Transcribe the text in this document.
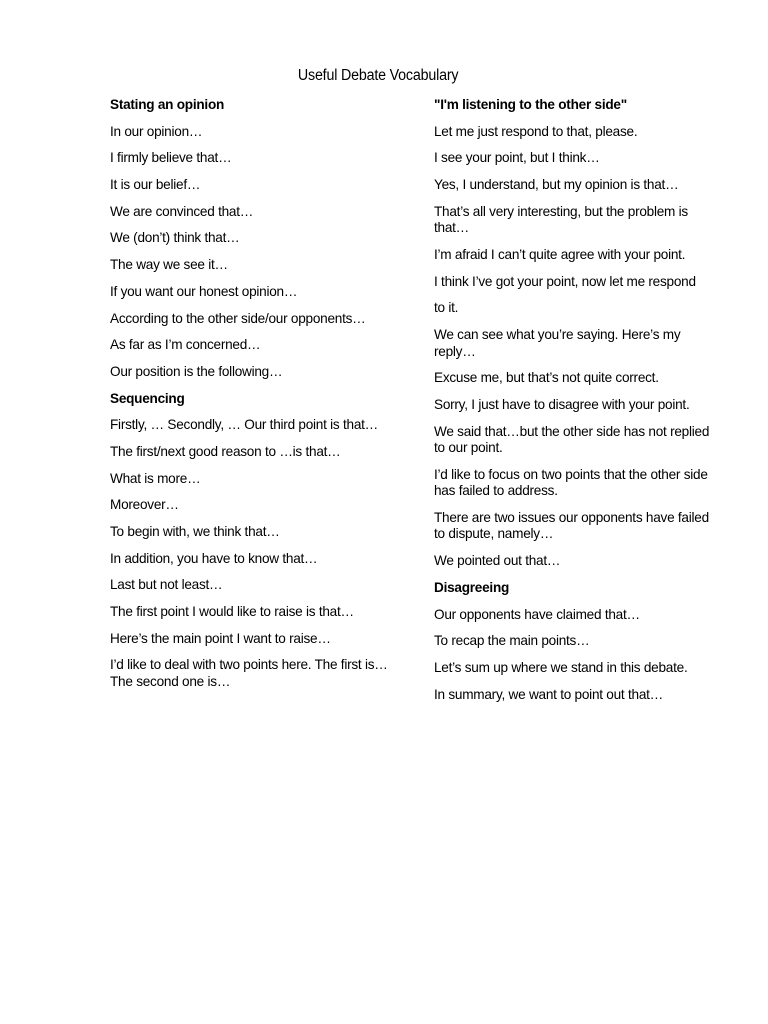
Useful Debate Vocabulary
Stating an opinion
In our opinion…
I firmly believe that…
It is our belief…
We are convinced that…
We (don’t) think that…
The way we see it…
If you want our honest opinion…
According to the other side/our opponents…
As far as I’m concerned…
Our position is the following…
Sequencing
Firstly, … Secondly, … Our third point is that…
The first/next good reason to …is that…
What is more…
Moreover…
To begin with, we think that…
In addition, you have to know that…
Last but not least…
The first point I would like to raise is that…
Here’s the main point I want to raise…
I’d like to deal with two points here. The first is… The second one is…
"I'm listening to the other side"
Let me just respond to that, please.
I see your point, but I think…
Yes, I understand, but my opinion is that…
That’s all very interesting, but the problem is that…
I’m afraid I can’t quite agree with your point.
I think I’ve got your point, now let me respond
to it.
We can see what you’re saying. Here’s my reply…
Excuse me, but that’s not quite correct.
Sorry, I just have to disagree with your point.
We said that…but the other side has not replied to our point.
I’d like to focus on two points that the other side has failed to address.
There are two issues our opponents have failed to dispute, namely…
We pointed out that…
Disagreeing
Our opponents have claimed that…
To recap the main points…
Let’s sum up where we stand in this debate.
In summary, we want to point out that…
